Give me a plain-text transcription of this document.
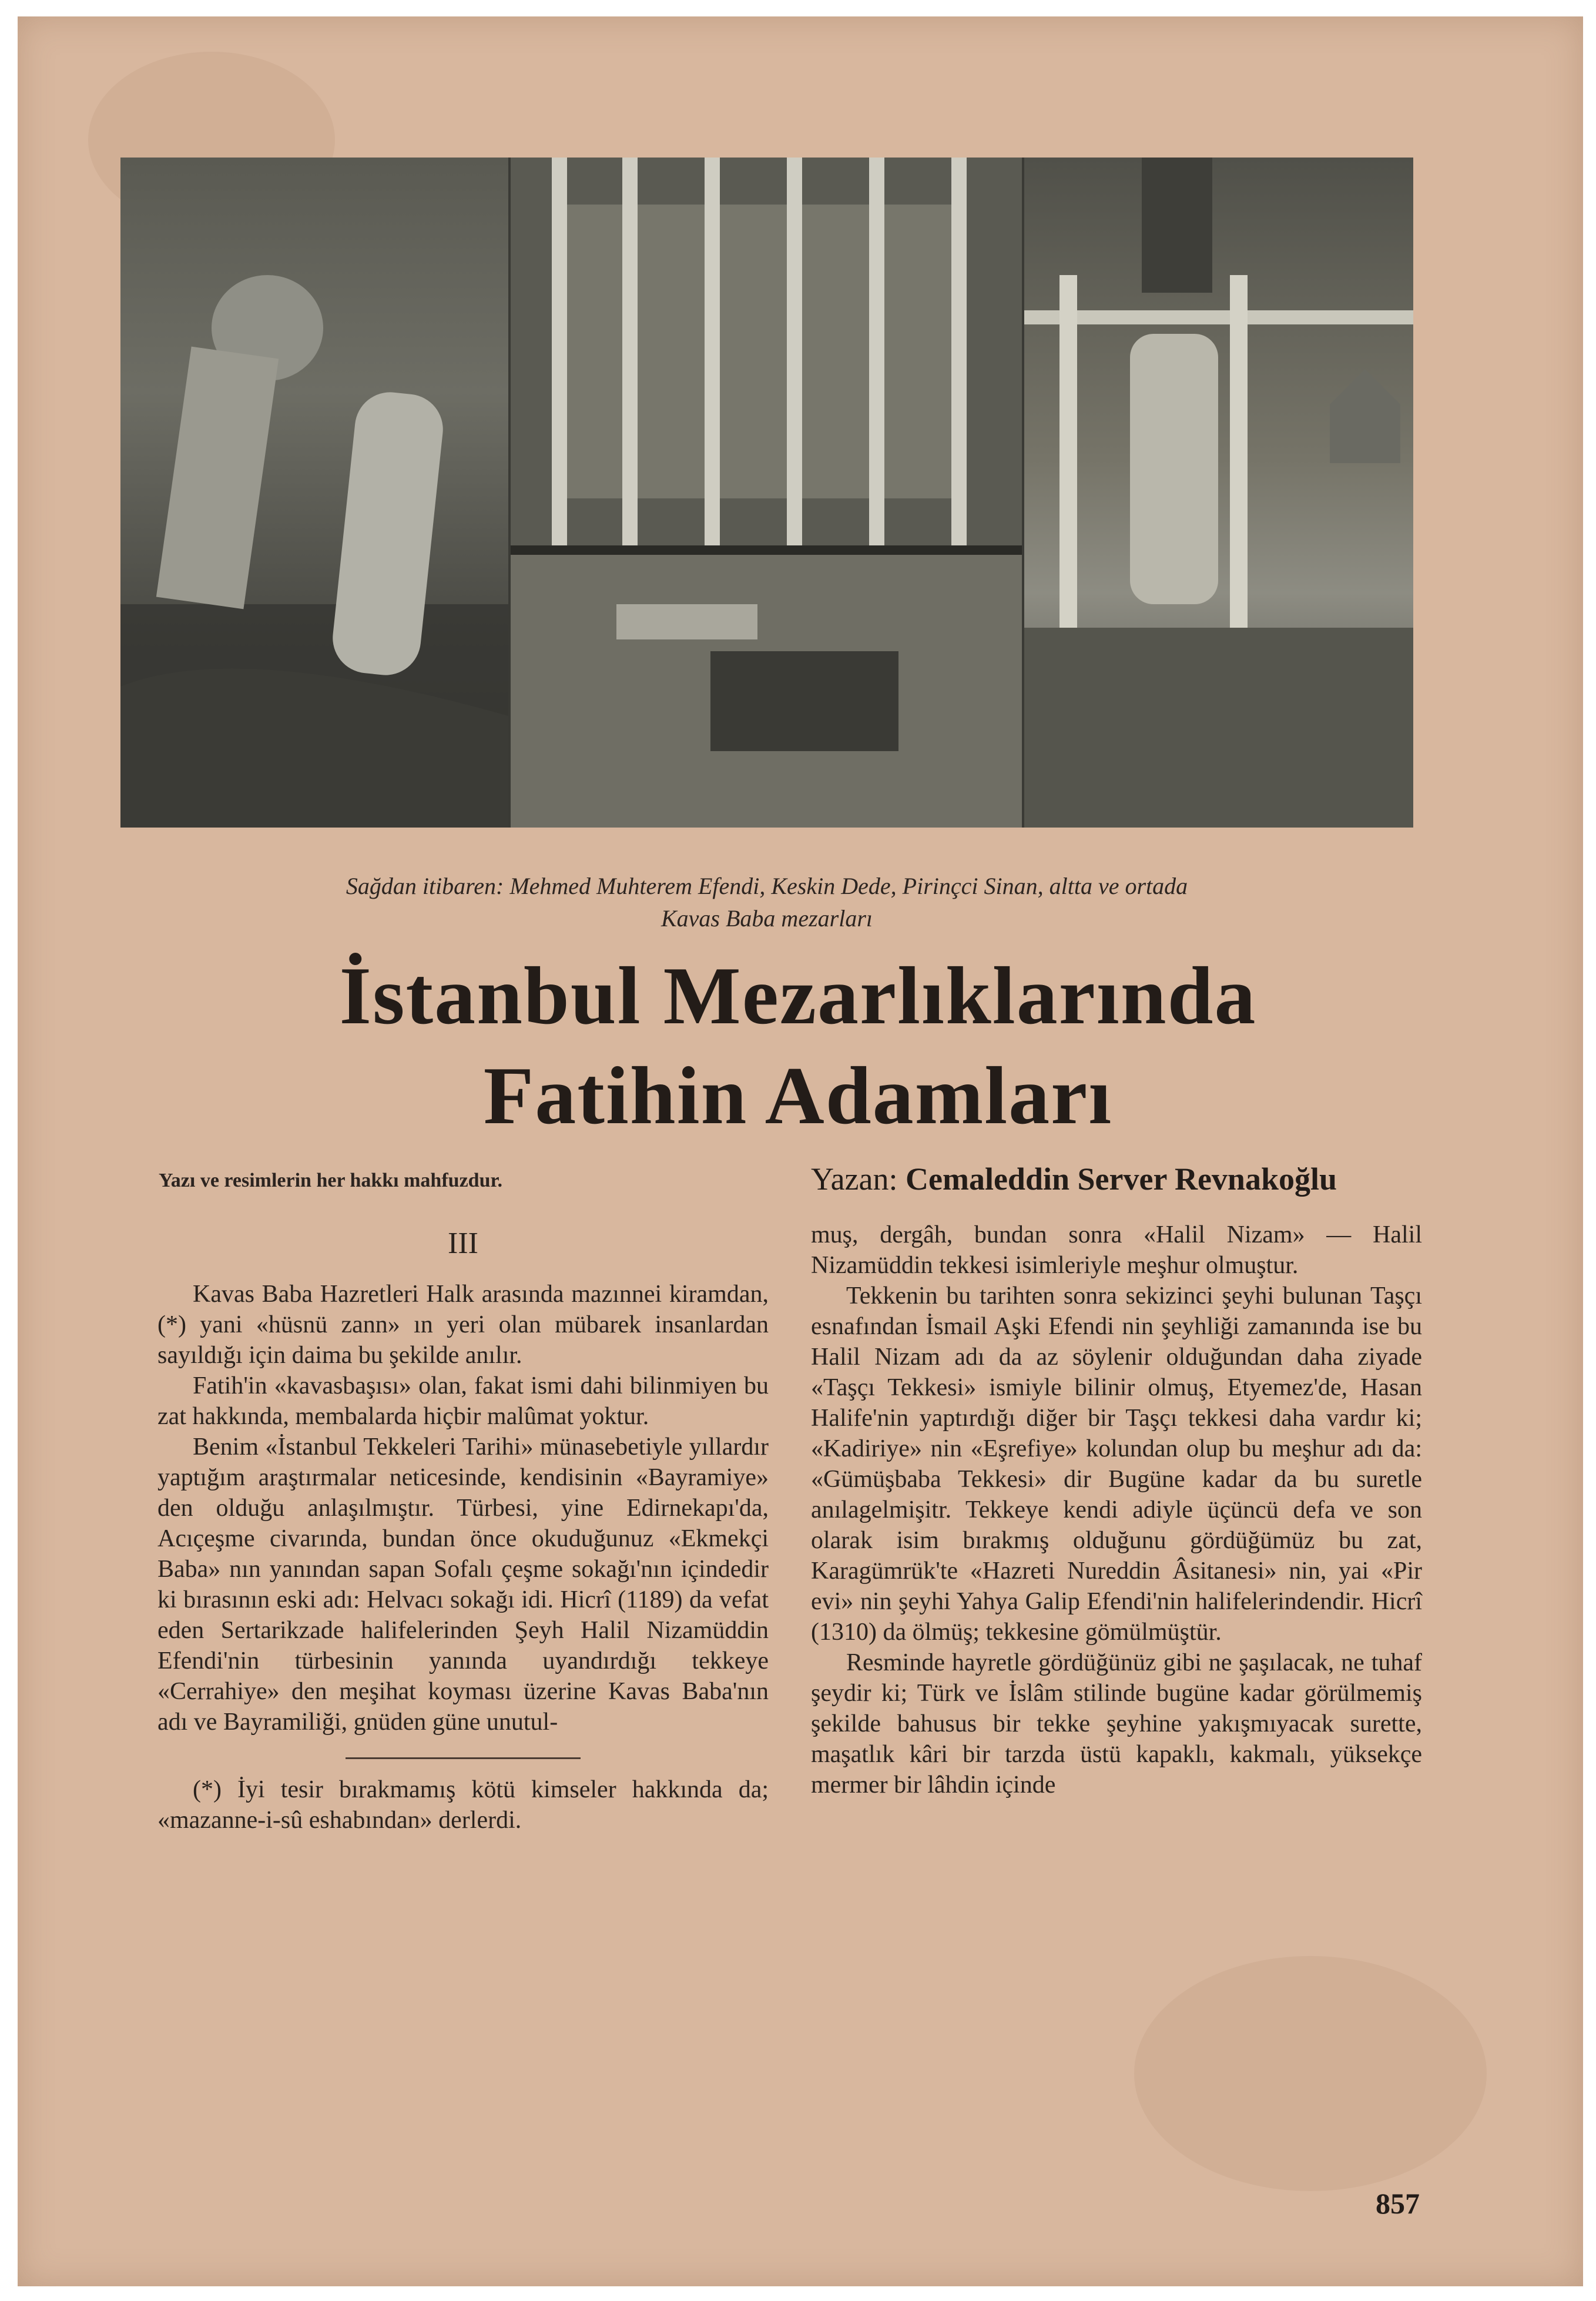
Sağdan itibaren: Mehmed Muhterem Efendi, Keskin Dede, Pirinçci Sinan, altta ve ortada
Kavas Baba mezarları
İstanbul Mezarlıklarında
Fatihin Adamları
Yazı ve resimlerin her hakkı mahfuzdur.	Yazan: Cemaleddin Server Revnakoğlu
III

Kavas Baba Hazretleri Halk arasında mazınnei kiramdan, (*) yani «hüsnü zann» ın yeri olan mübarek insanlardan sayıldığı için daima bu şekilde anılır.

Fatih'in «kavasbaşısı» olan, fakat ismi dahi bilinmiyen bu zat hakkında, membalarda hiçbir malûmat yoktur.

Benim «İstanbul Tekkeleri Tarihi» münasebetiyle yıllardır yaptığım araştırmalar neticesinde, kendisinin «Bayramiye» den olduğu anlaşılmıştır. Türbesi, yine Edirnekapı'da, Acıçeşme civarında, bundan önce okuduğunuz «Ekmekçi Baba» nın yanından sapan Sofalı çeşme sokağı'nın içindedir ki bırasının eski adı: Helvacı sokağı idi. Hicrî (1189) da vefat eden Sertarikzade halifelerinden Şeyh Halil Nizamüddin Efendi'nin türbesinin yanında uyandırdığı tekkeye «Cerrahiye» den meşihat koyması üzerine Kavas Baba'nın adı ve Bayramiliği, gnüden güne unutul-

(*) İyi tesir bırakmamış kötü kimseler hakkında da; «mazanne-i-sû eshabından» derlerdi.

muş, dergâh, bundan sonra «Halil Nizam» — Halil Nizamüddin tekkesi isimleriyle meşhur olmuştur.

Tekkenin bu tarihten sonra sekizinci şeyhi bulunan Taşçı esnafından İsmail Aşki Efendi nin şeyhliği zamanında ise bu Halil Nizam adı da az söylenir olduğundan daha ziyade «Taşçı Tekkesi» ismiyle bilinir olmuş, Etyemez'de, Hasan Halife'nin yaptırdığı diğer bir Taşçı tekkesi daha vardır ki; «Kadiriye» nin «Eşrefiye» kolundan olup bu meşhur adı da: «Gümüşbaba Tekkesi» dir Bugüne kadar da bu suretle anılagelmişitr. Tekkeye kendi adiyle üçüncü defa ve son olarak isim bırakmış olduğunu gördüğümüz bu zat, Karagümrük'te «Hazreti Nureddin Âsitanesi» nin, yai «Pir evi» nin şeyhi Yahya Galip Efendi'nin halifelerindendir. Hicrî (1310) da ölmüş; tekkesine gömülmüştür.

Resminde hayretle gördüğünüz gibi ne şaşılacak, ne tuhaf şeydir ki; Türk ve İslâm stilinde bugüne kadar görülmemiş şekilde bahusus bir tekke şeyhine yakışmıyacak surette, maşatlık kâri bir tarzda üstü kapaklı, kakmalı, yüksekçe mermer bir lâhdin içinde

857
